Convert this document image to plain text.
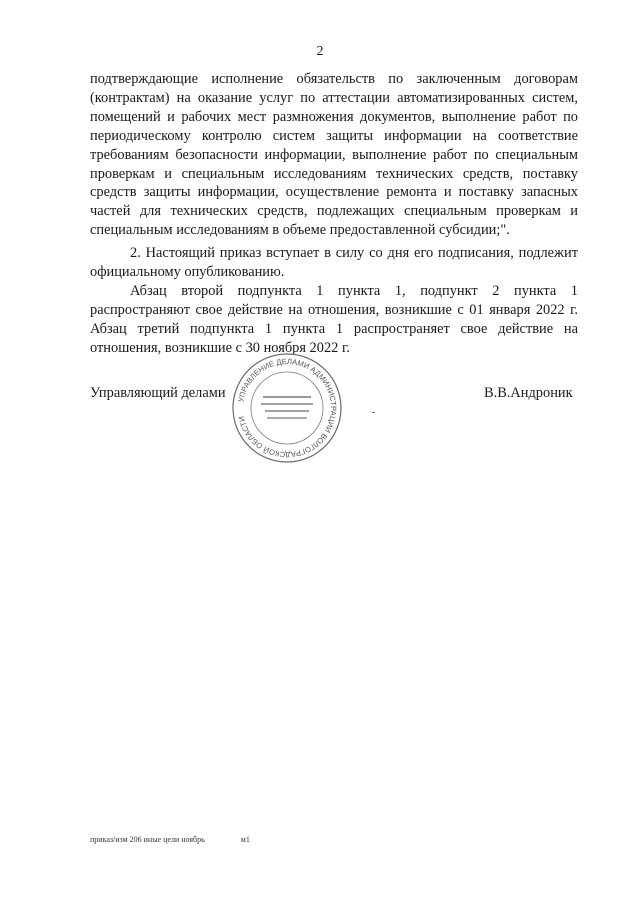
2

подтверждающие исполнение обязательств по заключенным договорам (контрактам) на оказание услуг по аттестации автоматизированных систем, помещений и рабочих мест размножения документов, выполнение работ по периодическому контролю систем защиты информации на соответствие требованиям безопасности информации, выполнение работ по специальным проверкам и специальным исследованиям технических средств, поставку средств защиты информации, осуществление ремонта и поставку запасных частей для технических средств, подлежащих специальным проверкам и специальным исследованиям в объеме предоставленной субсидии;".

2. Настоящий приказ вступает в силу со дня его подписания, подлежит официальному опубликованию.

Абзац второй подпункта 1 пункта 1, подпункт 2 пункта 1 распространяют свое действие на отношения, возникшие с 01 января 2022 г. Абзац третий подпункта 1 пункта 1 распространяет свое действие на отношения, возникшие с 30 ноября 2022 г.

Управляющий делами УПРАВЛЕНИЕ ДЕЛАМИ АДМИНИСТРАЦИИ ВОЛГОГРАДСКОЙ ОБЛАСТИ
В.В.Андроник
приказ/изм 206 иные цели ноябрь	м1
